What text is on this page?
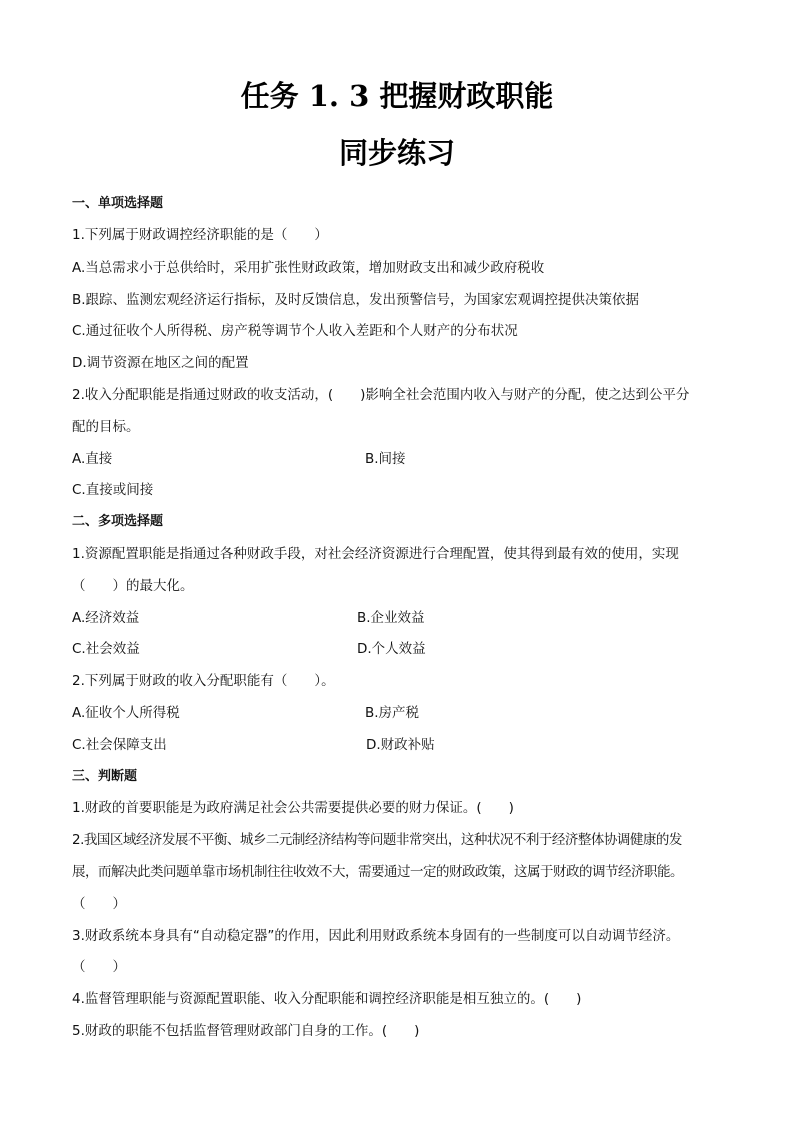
任务 1. 3 把握财政职能
同步练习
一、单项选择题
1.下列属于财政调控经济职能的是（　　）
A.当总需求小于总供给时，采用扩张性财政政策，增加财政支出和减少政府税收
B.跟踪、监测宏观经济运行指标，及时反馈信息，发出预警信号，为国家宏观调控提供决策依据
C.通过征收个人所得税、房产税等调节个人收入差距和个人财产的分布状况
D.调节资源在地区之间的配置
2.收入分配职能是指通过财政的收支活动，(　　)影响全社会范围内收入与财产的分配，使之达到公平分
配的目标。
A.直接	B.间接
C.直接或间接
二、多项选择题
1.资源配置职能是指通过各种财政手段，对社会经济资源进行合理配置，使其得到最有效的使用，实现
（　　）的最大化。
A.经济效益	B.企业效益
C.社会效益	D.个人效益
2.下列属于财政的收入分配职能有（　　）。
A.征收个人所得税	B.房产税
C.社会保障支出	D.财政补贴
三、判断题
1.财政的首要职能是为政府满足社会公共需要提供必要的财力保证。(　　)
2.我国区域经济发展不平衡、城乡二元制经济结构等问题非常突出，这种状况不利于经济整体协调健康的发
展，而解决此类问题单靠市场机制往往收效不大，需要通过一定的财政政策，这属于财政的调节经济职能。
（　　）
3.财政系统本身具有“自动稳定器”的作用，因此利用财政系统本身固有的一些制度可以自动调节经济。
（　　）
4.监督管理职能与资源配置职能、收入分配职能和调控经济职能是相互独立的。(　　)
5.财政的职能不包括监督管理财政部门自身的工作。(　　)
